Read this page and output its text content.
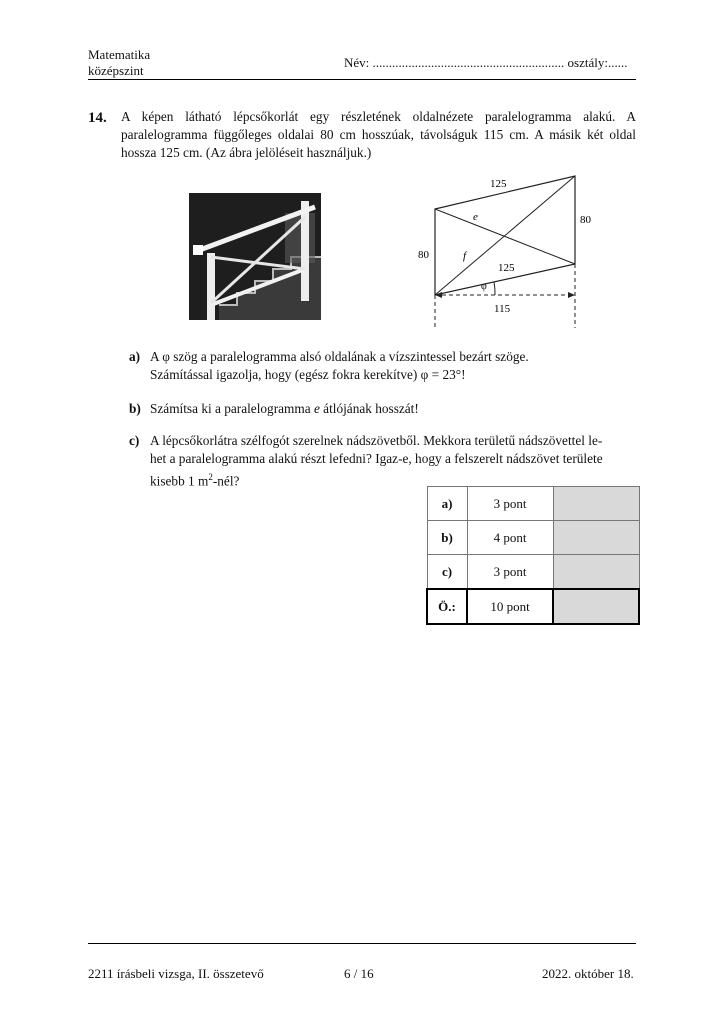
Matematika
középszint
Név: ........................................................... osztály:......
14. A képen látható lépcsőkorlát egy részletének oldalnézete paralelogramma alakú. A paralelogramma függőleges oldalai 80 cm hosszúak, távolságuk 115 cm. A másik két oldal hossza 125 cm. (Az ábra jelöléseit használjuk.)
125
80
80
e
f
125
φ
115
a) A φ szög a paralelogramma alsó oldalának a vízszintessel bezárt szöge.
Számítással igazolja, hogy (egész fokra kerekítve) φ = 23°!
b) Számítsa ki a paralelogramma e átlójának hosszát!
c) A lépcsőkorlátra szélfogót szerelnek nádszövetből. Mekkora területű nádszövettel le-
het a paralelogramma alakú részt lefedni? Igaz-e, hogy a felszerelt nádszövet területe
kisebb 1 $m^2$-nél?
a)	3 pont	
b)	4 pont	
c)	3 pont	
Ö.:	10 pont	
2211 írásbeli vizsga, II. összetevő	6 / 16	2022. október 18.
